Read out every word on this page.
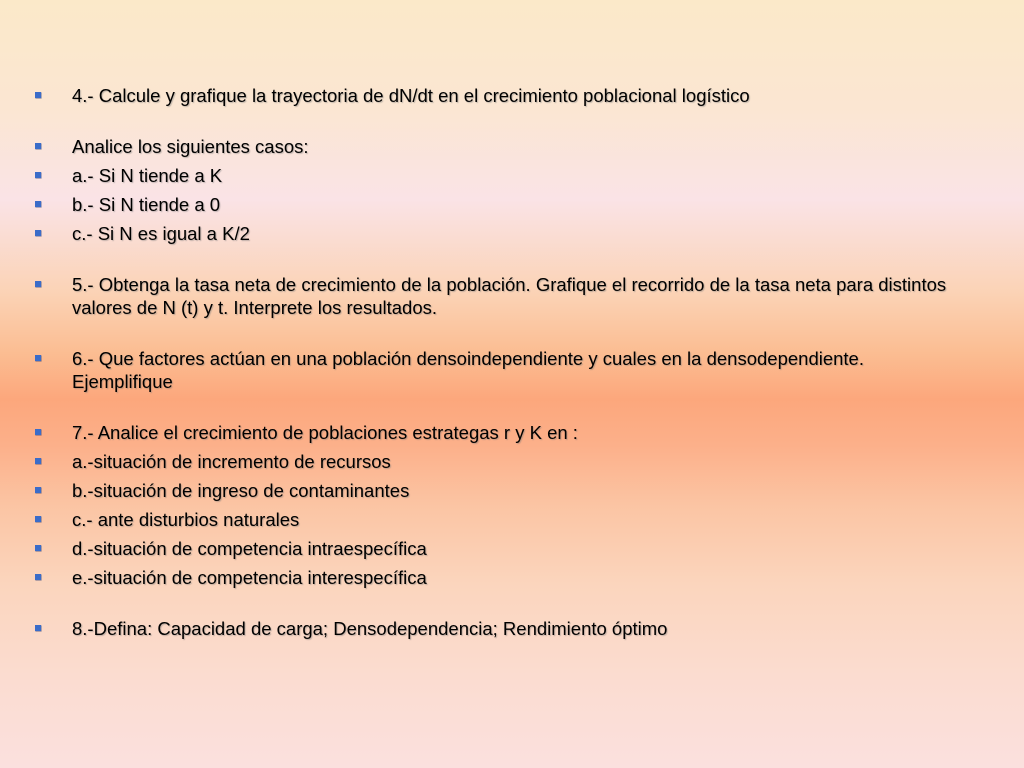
4.- Calcule y grafique la trayectoria de dN/dt en el crecimiento poblacional logístico
Analice los siguientes casos:
a.- Si N tiende a K
b.- Si N tiende a 0
c.- Si N es igual a K/2
5.- Obtenga la tasa neta de crecimiento de la población. Grafique el recorrido de la tasa neta para distintos valores de N (t) y t. Interprete los resultados.
6.- Que factores actúan en una población densoindependiente y cuales en la densodependiente. Ejemplifique
7.- Analice el crecimiento de poblaciones estrategas r y K en :
a.-situación de incremento de recursos
b.-situación de ingreso de contaminantes
c.- ante disturbios naturales
d.-situación de competencia intraespecífica
e.-situación de competencia interespecífica
8.-Defina: Capacidad de carga; Densodependencia; Rendimiento óptimo
